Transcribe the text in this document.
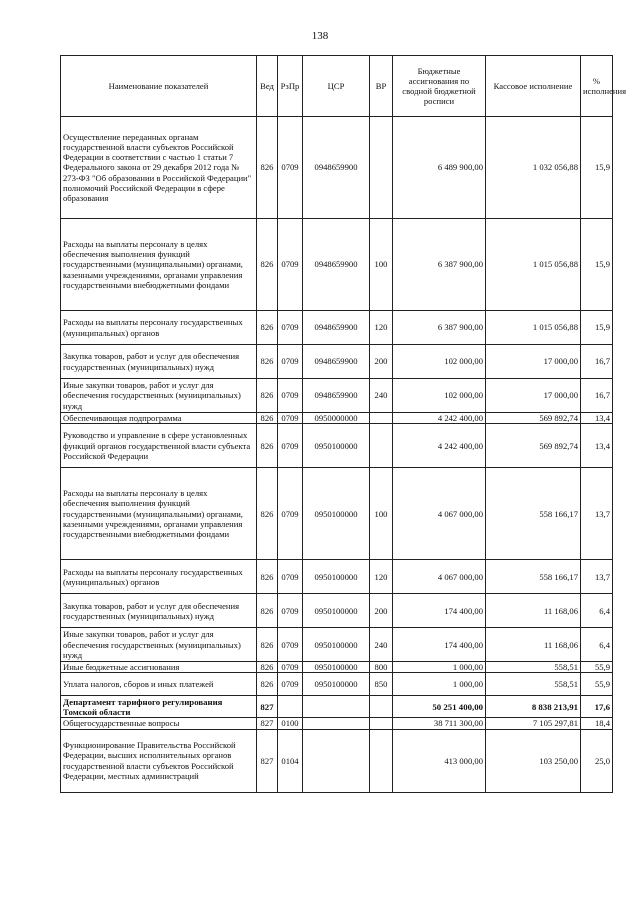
138
Наименование показателей	Вед	РзПр	ЦСР	ВР	Бюджетные ассигнования по сводной бюджетной росписи	Кассовое исполнение	% исполнения
Осуществление переданных органам государственной власти субъектов Российской Федерации в соответствии с частью 1 статьи 7 Федерального закона от 29 декабря 2012 года № 273-ФЗ "Об образовании в Российской Федерации" полномочий Российской Федерации в сфере образования	826	0709	0948659900		6 489 900,00	1 032 056,88	15,9
Расходы на выплаты персоналу в целях обеспечения выполнения функций государственными (муниципальными) органами, казенными учреждениями, органами управления государственными внебюджетными фондами	826	0709	0948659900	100	6 387 900,00	1 015 056,88	15,9
Расходы на выплаты персоналу государственных (муниципальных) органов	826	0709	0948659900	120	6 387 900,00	1 015 056,88	15,9
Закупка товаров, работ и услуг для обеспечения государственных (муниципальных) нужд	826	0709	0948659900	200	102 000,00	17 000,00	16,7
Иные закупки товаров, работ и услуг для обеспечения государственных (муниципальных) нужд	826	0709	0948659900	240	102 000,00	17 000,00	16,7
Обеспечивающая подпрограмма	826	0709	0950000000		4 242 400,00	569 892,74	13,4
Руководство и управление в сфере установленных функций органов государственной власти субъекта Российской Федерации	826	0709	0950100000		4 242 400,00	569 892,74	13,4
Расходы на выплаты персоналу в целях обеспечения выполнения функций государственными (муниципальными) органами, казенными учреждениями, органами управления государственными внебюджетными фондами	826	0709	0950100000	100	4 067 000,00	558 166,17	13,7
Расходы на выплаты персоналу государственных (муниципальных) органов	826	0709	0950100000	120	4 067 000,00	558 166,17	13,7
Закупка товаров, работ и услуг для обеспечения государственных (муниципальных) нужд	826	0709	0950100000	200	174 400,00	11 168,06	6,4
Иные закупки товаров, работ и услуг для обеспечения государственных (муниципальных) нужд	826	0709	0950100000	240	174 400,00	11 168,06	6,4
Иные бюджетные ассигнования	826	0709	0950100000	800	1 000,00	558,51	55,9
Уплата налогов, сборов и иных платежей	826	0709	0950100000	850	1 000,00	558,51	55,9
Департамент тарифного регулирования Томской области	827				50 251 400,00	8 838 213,91	17,6
Общегосударственные вопросы	827	0100			38 711 300,00	7 105 297,81	18,4
Функционирование Правительства Российской Федерации, высших исполнительных органов государственной власти субъектов Российской Федерации, местных администраций	827	0104			413 000,00	103 250,00	25,0
